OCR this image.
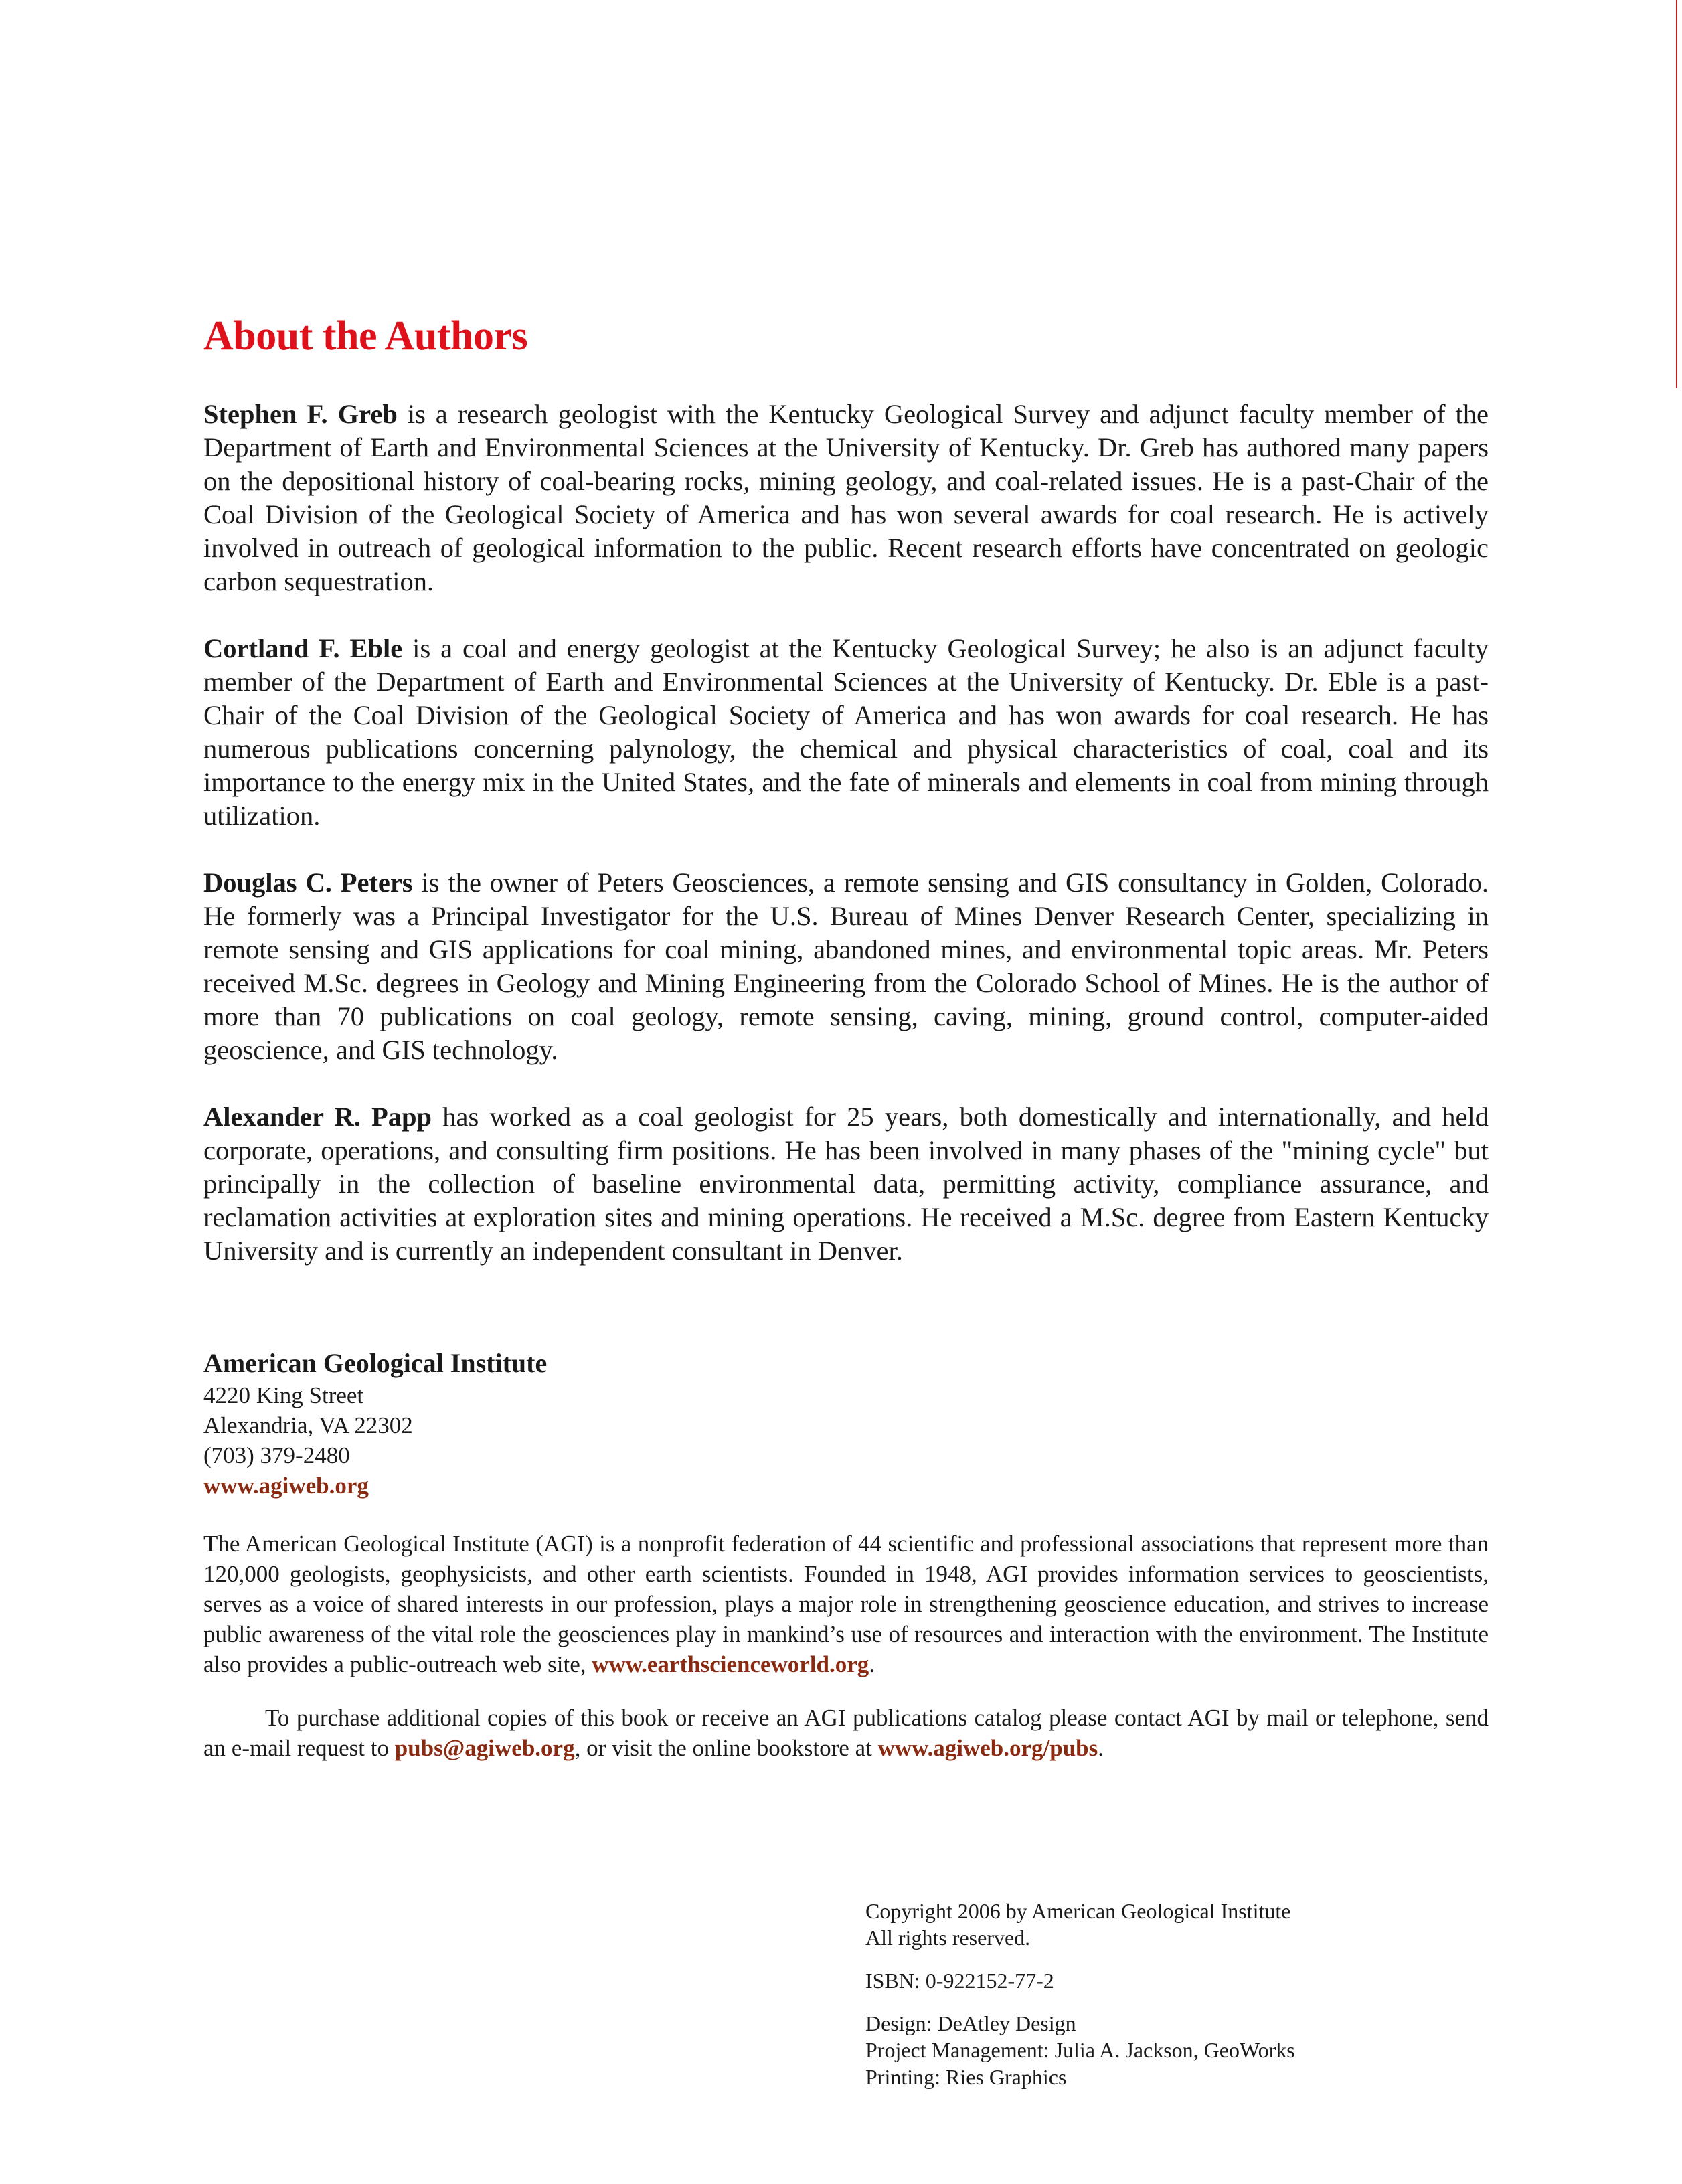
About the Authors

Stephen F. Greb is a research geologist with the Kentucky Geological Survey and adjunct faculty member of the Department of Earth and Environmental Sciences at the University of Kentucky. Dr. Greb has authored many papers on the depositional history of coal-bearing rocks, mining geology, and coal-related issues. He is a past-Chair of the Coal Division of the Geological Society of America and has won several awards for coal research. He is actively involved in outreach of geological information to the public. Recent research efforts have concentrated on geologic carbon sequestration.

Cortland F. Eble is a coal and energy geologist at the Kentucky Geological Survey; he also is an adjunct faculty member of the Department of Earth and Environmental Sciences at the University of Kentucky. Dr. Eble is a past-Chair of the Coal Division of the Geological Society of America and has won awards for coal research. He has numerous publications concerning palynology, the chemical and physical characteristics of coal, coal and its importance to the energy mix in the United States, and the fate of minerals and elements in coal from mining through utilization.

Douglas C. Peters is the owner of Peters Geosciences, a remote sensing and GIS consultancy in Golden, Colorado. He formerly was a Principal Investigator for the U.S. Bureau of Mines Denver Research Center, specializing in remote sensing and GIS applications for coal mining, abandoned mines, and environmental topic areas. Mr. Peters received M.Sc. degrees in Geology and Mining Engineering from the Colorado School of Mines. He is the author of more than 70 publications on coal geology, remote sensing, caving, mining, ground control, computer-aided geoscience, and GIS technology.

Alexander R. Papp has worked as a coal geologist for 25 years, both domestically and internationally, and held corporate, operations, and consulting firm positions. He has been involved in many phases of the "mining cycle" but principally in the collection of baseline environmental data, permitting activity, compliance assurance, and reclamation activities at exploration sites and mining operations. He received a M.Sc. degree from Eastern Kentucky University and is currently an independent consultant in Denver.

American Geological Institute
4220 King Street
Alexandria, VA 22302
(703) 379-2480
www.agiweb.org

The American Geological Institute (AGI) is a nonprofit federation of 44 scientific and professional associations that represent more than 120,000 geologists, geophysicists, and other earth scientists. Founded in 1948, AGI provides information services to geoscientists, serves as a voice of shared interests in our profession, plays a major role in strengthening geoscience education, and strives to increase public awareness of the vital role the geosciences play in mankind’s use of resources and interaction with the environment. The Institute also provides a public-outreach web site, www.earthscienceworld.org.

To purchase additional copies of this book or receive an AGI publications catalog please contact AGI by mail or telephone, send an e-mail request to pubs@agiweb.org, or visit the online bookstore at www.agiweb.org/pubs.

Copyright 2006 by American Geological Institute
All rights reserved.

ISBN: 0-922152-77-2

Design: DeAtley Design
Project Management: Julia A. Jackson, GeoWorks
Printing: Ries Graphics
